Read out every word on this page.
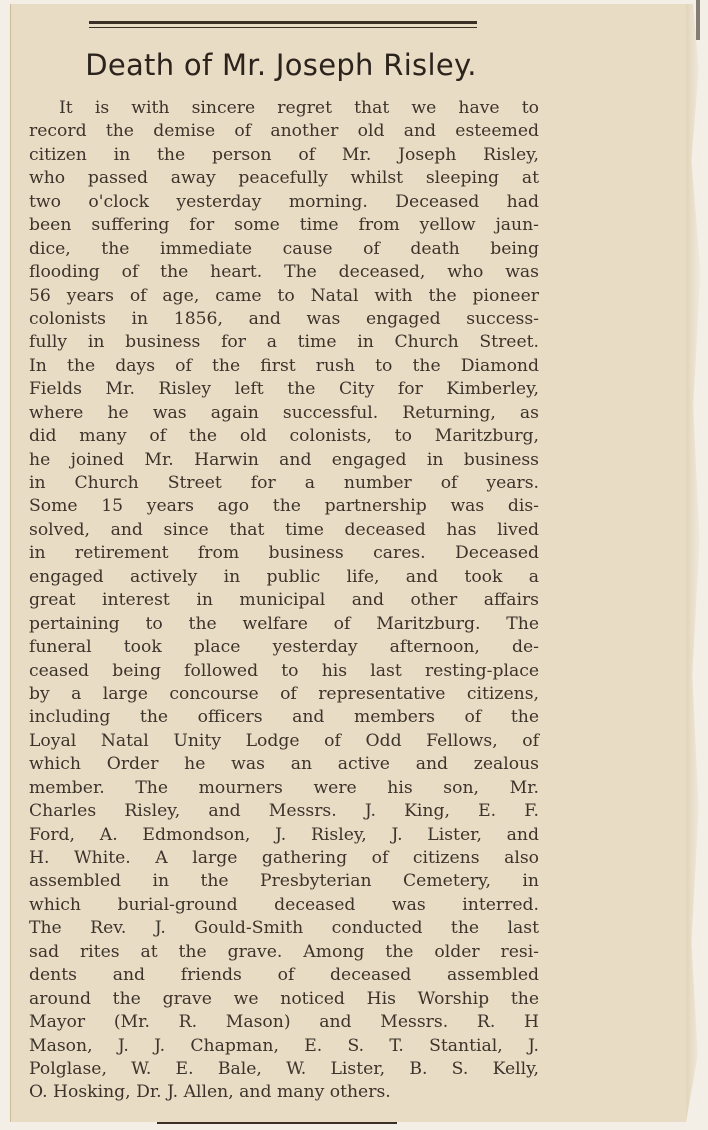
Death of Mr. Joseph Risley.
It is with sincere regret that we have to
record the demise of another old and esteemed
citizen in the person of Mr. Joseph Risley,
who passed away peacefully whilst sleeping at
two o'clock yesterday morning. Deceased had
been suffering for some time from yellow jaun-
dice, the immediate cause of death being
flooding of the heart. The deceased, who was
56 years of age, came to Natal with the pioneer
colonists in 1856, and was engaged success-
fully in business for a time in Church Street.
In the days of the first rush to the Diamond
Fields Mr. Risley left the City for Kimberley,
where he was again successful. Returning, as
did many of the old colonists, to Maritzburg,
he joined Mr. Harwin and engaged in business
in Church Street for a number of years.
Some 15 years ago the partnership was dis-
solved, and since that time deceased has lived
in retirement from business cares. Deceased
engaged actively in public life, and took a
great interest in municipal and other affairs
pertaining to the welfare of Maritzburg. The
funeral took place yesterday afternoon, de-
ceased being followed to his last resting-place
by a large concourse of representative citizens,
including the officers and members of the
Loyal Natal Unity Lodge of Odd Fellows, of
which Order he was an active and zealous
member. The mourners were his son, Mr.
Charles Risley, and Messrs. J. King, E. F.
Ford, A. Edmondson, J. Risley, J. Lister, and
H. White. A large gathering of citizens also
assembled in the Presbyterian Cemetery, in
which burial-ground deceased was interred.
The Rev. J. Gould-Smith conducted the last
sad rites at the grave. Among the older resi-
dents and friends of deceased assembled
around the grave we noticed His Worship the
Mayor (Mr. R. Mason) and Messrs. R. H
Mason, J. J. Chapman, E. S. T. Stantial, J.
Polglase, W. E. Bale, W. Lister, B. S. Kelly,
O. Hosking, Dr. J. Allen, and many others.
